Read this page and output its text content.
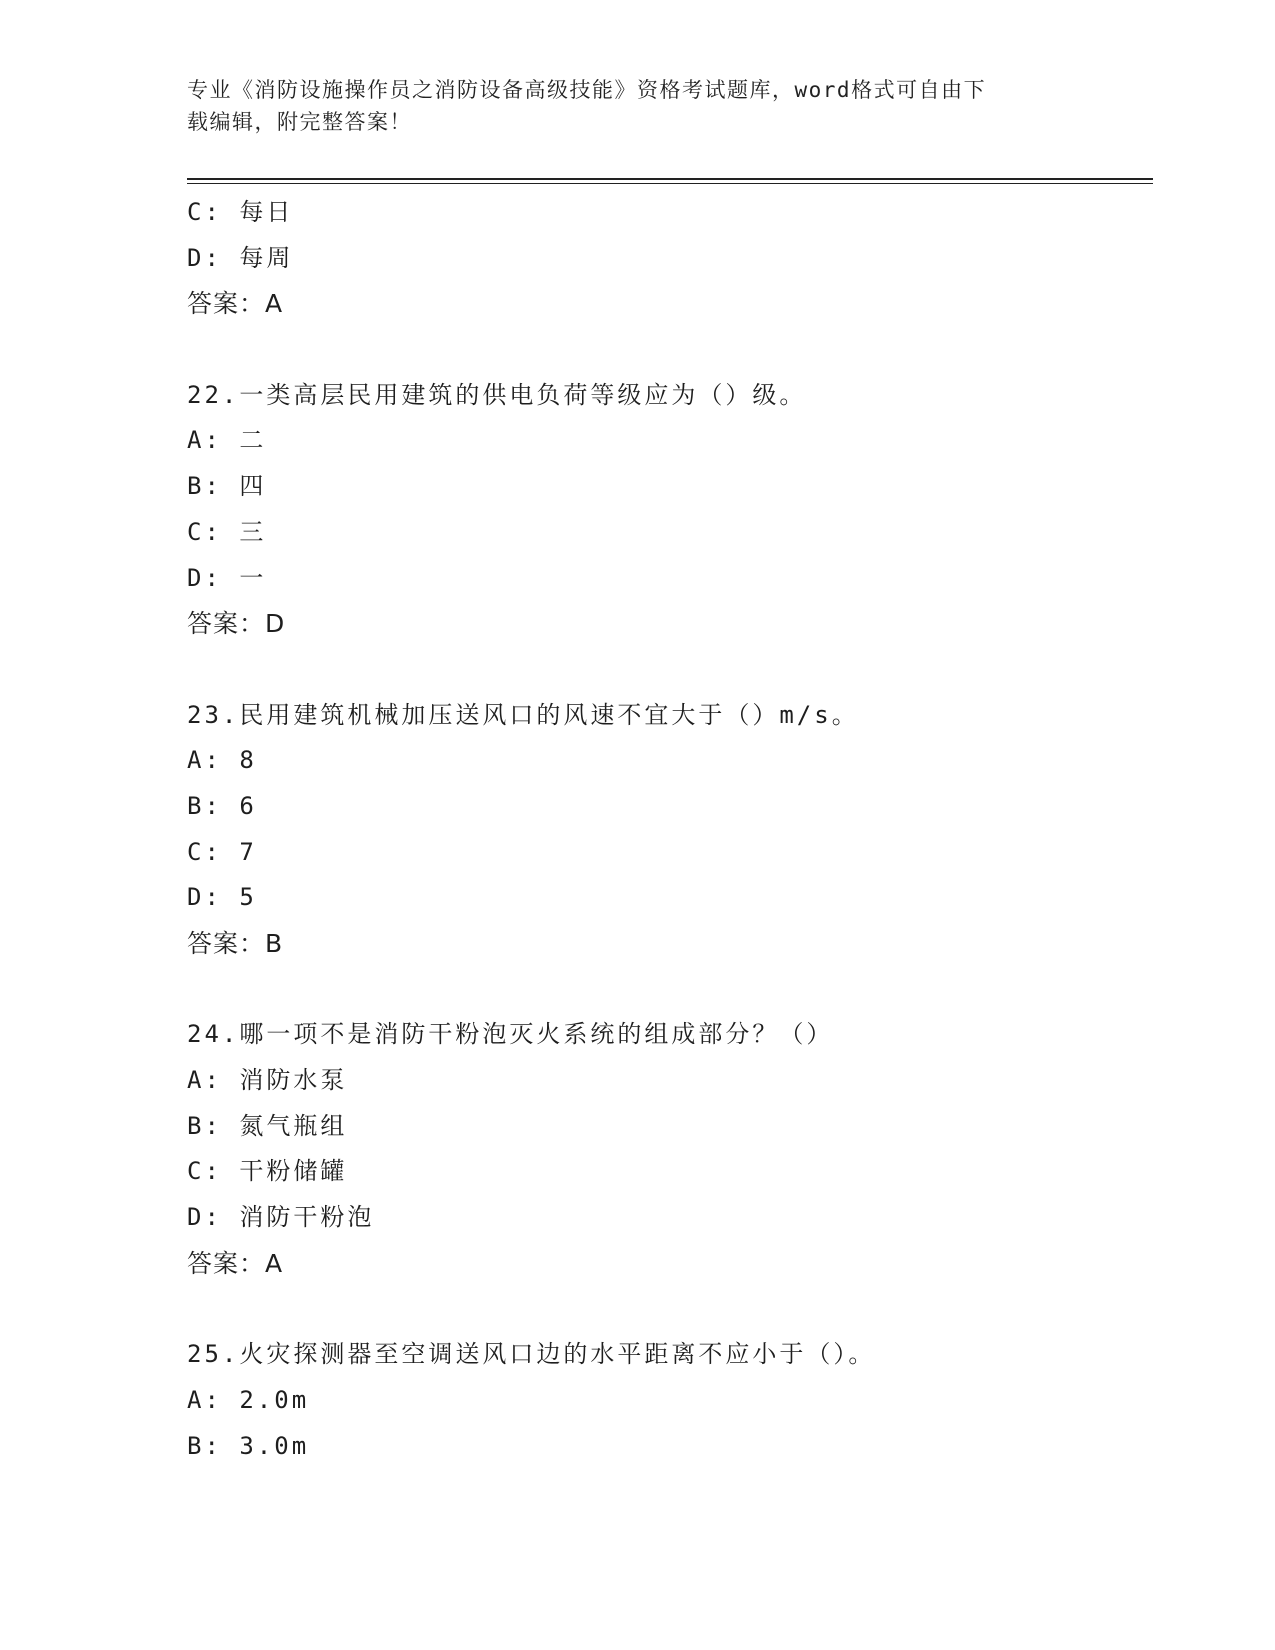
专业《消防设施操作员之消防设备高级技能》资格考试题库，word格式可自由下
载编辑，附完整答案！
C: 每日
D: 每周
答案：A
22.一类高层民用建筑的供电负荷等级应为（）级。
A: 二
B: 四
C: 三
D: 一
答案：D
23.民用建筑机械加压送风口的风速不宜大于（）m/s。
A: 8
B: 6
C: 7
D: 5
答案：B
24.哪一项不是消防干粉泡灭火系统的组成部分？（）
A: 消防水泵
B: 氮气瓶组
C: 干粉储罐
D: 消防干粉泡
答案：A
25.火灾探测器至空调送风口边的水平距离不应小于（）。
A: 2.0m
B: 3.0m
